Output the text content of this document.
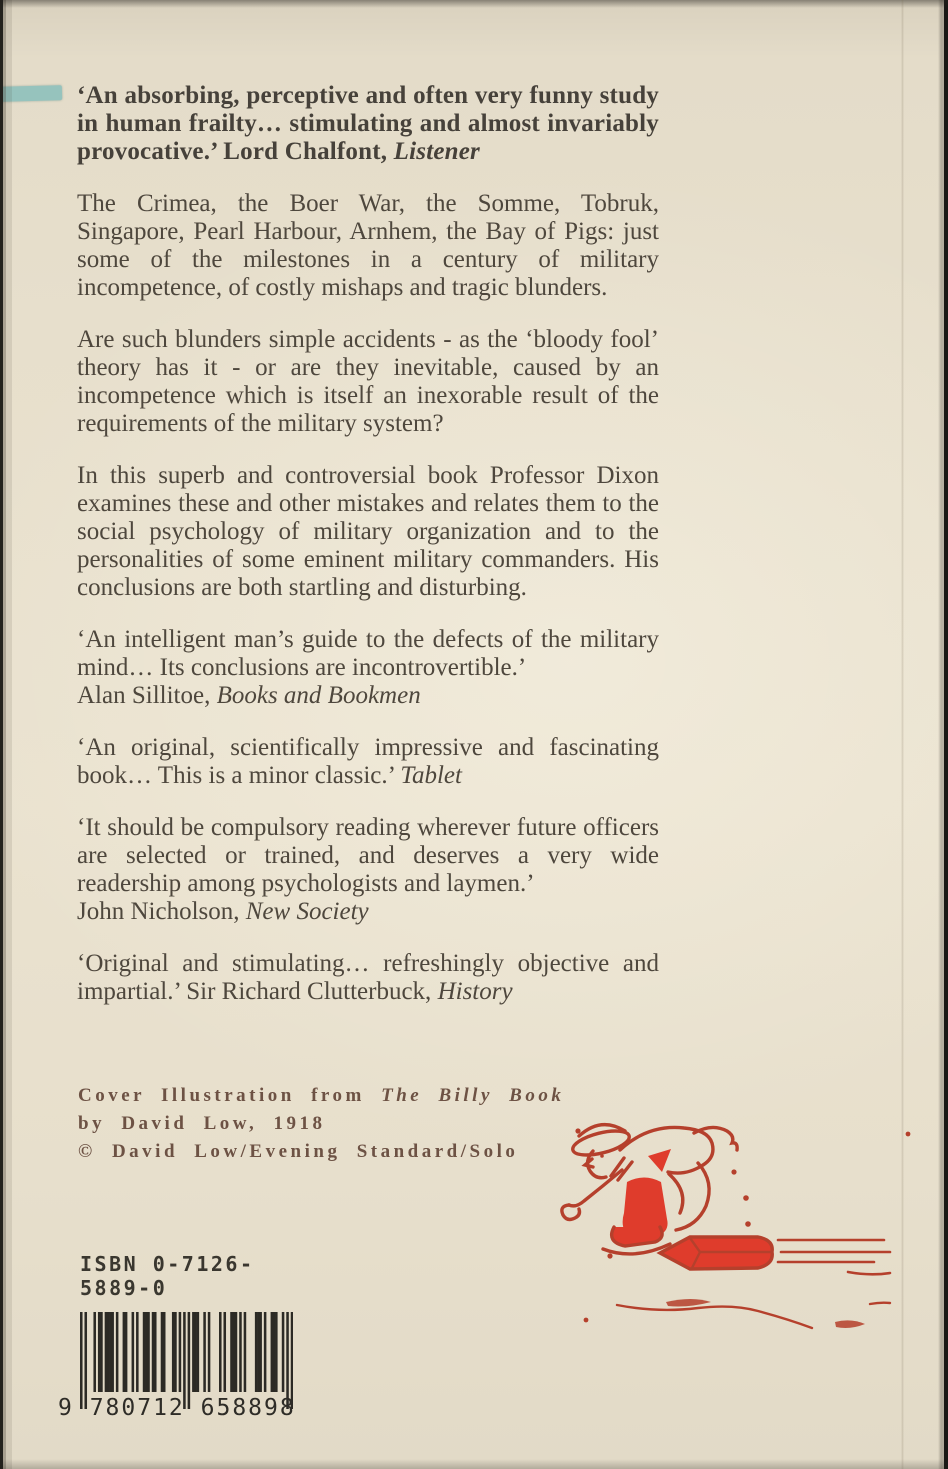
‘An absorbing, perceptive and often very funny study in human frailty… stimulating and almost invariably provocative.’ Lord Chalfont, Listener

The Crimea, the Boer War, the Somme, Tobruk, Singapore, Pearl Harbour, Arnhem, the Bay of Pigs: just some of the milestones in a century of military incompetence, of costly mishaps and tragic blunders.

Are such blunders simple accidents - as the ‘bloody fool’ theory has it - or are they inevitable, caused by an incompetence which is itself an inexorable result of the requirements of the military system?

In this superb and controversial book Professor Dixon examines these and other mistakes and relates them to the social psychology of military organization and to the personalities of some eminent military commanders. His conclusions are both startling and disturbing.

‘An intelligent man’s guide to the defects of the military mind… Its conclusions are incontrovertible.’
Alan Sillitoe, Books and Bookmen

‘An original, scientifically impressive and fascinating book… This is a minor classic.’ Tablet

‘It should be compulsory reading wherever future officers are selected or trained, and deserves a very wide readership among psychologists and laymen.’
John Nicholson, New Society

‘Original and stimulating… refreshingly objective and impartial.’ Sir Richard Clutterbuck, History

Cover Illustration from The Billy Book
by David Low, 1918
© David Low/Evening Standard/Solo
ISBN 0-7126-5889-0
9 780712 658898
